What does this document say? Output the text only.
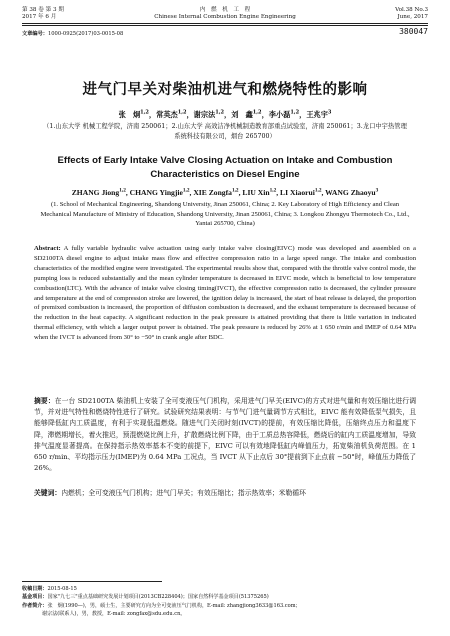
第 38 卷 第 3 期
2017 年 6 月
内　燃　机　工　程
Chinese Internal Combustion Engine Engineering
Vol.38 No.3
June, 2017
文章编号：1000-0925(2017)03-0015-08	380047
进气门早关对柴油机进气和燃烧特性的影响
张　炯$^{1,2}$，常英杰$^{1,2}$，谢宗法$^{1,2}$，刘　鑫$^{1,2}$，李小磊$^{1,2}$，王兆宇$^3$
（1.山东大学 机械工程学院，济南 250061；2.山东大学 高效洁净机械制造教育部重点试验室，济南 250061；3.龙口中宇热管理系统科技有限公司，烟台 265700）
Effects of Early Intake Valve Closing Actuation on Intake and Combustion Characteristics on Diesel Engine
ZHANG Jiong$^{1,2}$, CHANG Yingjie$^{1,2}$, XIE Zongfa$^{1,2}$, LIU Xin$^{1,2}$, LI Xiaorui$^{1,2}$, WANG Zhaoyu$^3$
(1. School of Mechanical Engineering, Shandong University, Jinan 250061, China; 2. Key Laboratory of High Efficiency and Clean Mechanical Manufacture of Ministry of Education, Shandong University, Jinan 250061, China; 3. Longkou Zhongyu Thermotech Co., Ltd., Yantai 265700, China)
Abstract: A fully variable hydraulic valve actuation using early intake valve closing(EIVC) mode was developed and assembled on a SD2100TA diesel engine to adjust intake mass flow and effective compression ratio in a large speed range. The intake and combustion characteristics of the modified engine were investigated. The experimental results show that, compared with the throttle valve control mode, the pumping loss is reduced substantially and the mean cylinder temperature is decreased in EIVC mode, which is beneficial to low temperature combustion(LTC). With the advance of intake valve closing timing(IVCT), the effective compression ratio is decreased, the cylinder pressure and temperature at the end of compression stroke are lowered, the ignition delay is increased, the start of heat release is delayed, the proportion of premixed combustion is increased, the proportion of diffusion combustion is decreased, and the exhaust temperature is decreased because of the reduction in the heat capacity. A significant reduction in the peak pressure is attained providing that there is little variation in indicated thermal efficiency, with which a larger output power is obtained. The peak pressure is reduced by 26% at 1 650 r/min and IMEP of 0.64 MPa when the IVCT is advanced from 30° to −50° in crank angle after BDC.
摘要：在一台 SD2100TA 柴油机上安装了全可变液压气门机构，采用进气门早关(EIVC)的方式对进气量和有效压缩比进行调节，并对进气特性和燃烧特性进行了研究。试验研究结果表明：与节气门进气量调节方式相比，EIVC 能有效降低泵气损失，且能够降低缸内工质温度，有利于实现低温燃烧。随进气门关闭时刻(IVCT)的提前，有效压缩比降低，压缩终点压力和温度下降，滞燃期增长，着火推迟，预混燃烧比例上升，扩散燃烧比例下降，由于工质总热容降低，燃烧后的缸内工质温度增加，导致排气温度显著提高。在保持指示热效率基本不变的前提下，EIVC 可以有效地降低缸内峰值压力，拓宽柴油机负荷范围。在 1 650 r/min、平均指示压力(IMEP)为 0.64 MPa 工况点，当 IVCT 从下止点后 30°提前到下止点前 −50°时，峰值压力降低了 26%。
关键词：内燃机；全可变液压气门机构；进气门早关；有效压缩比；指示热效率；米勒循环
收稿日期：2015-08-15
基金项目：国家"九七三"重点基础研究发展计划项目(2013CB228404)；国家自然科学基金项目(51375265)
作者简介：张　炯(1990—)，男，硕士生，主要研究方向为全可变液压气门机构，E-mail: zhangjiong3633@163.com；
谢宗法(联系人)，男，教授，E-mail: zongfax@sdu.edu.cn。
